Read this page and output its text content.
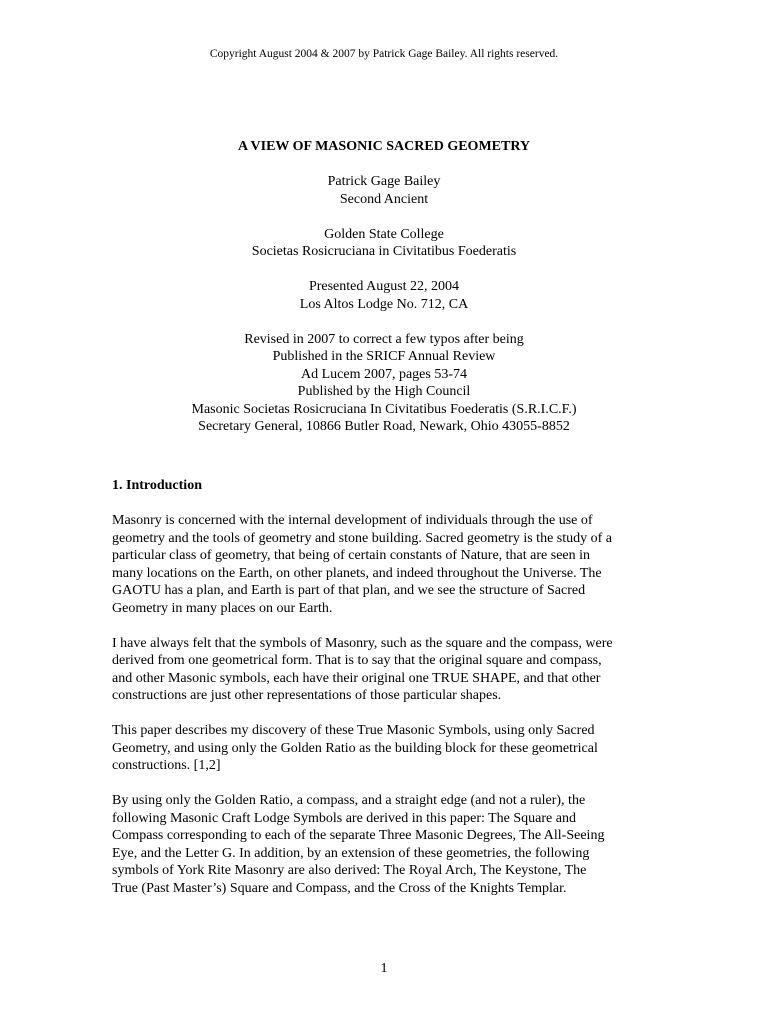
Copyright August 2004 & 2007 by Patrick Gage Bailey. All rights reserved.
A VIEW OF MASONIC SACRED GEOMETRY
Patrick Gage Bailey
Second Ancient
Golden State College
Societas Rosicruciana in Civitatibus Foederatis
Presented August 22, 2004
Los Altos Lodge No. 712, CA
Revised in 2007 to correct a few typos after being
Published in the SRICF Annual Review
Ad Lucem 2007, pages 53-74
Published by the High Council
Masonic Societas Rosicruciana In Civitatibus Foederatis (S.R.I.C.F.)
Secretary General, 10866 Butler Road, Newark, Ohio 43055-8852
1. Introduction
Masonry is concerned with the internal development of individuals through the use of
geometry and the tools of geometry and stone building. Sacred geometry is the study of a
particular class of geometry, that being of certain constants of Nature, that are seen in
many locations on the Earth, on other planets, and indeed throughout the Universe. The
GAOTU has a plan, and Earth is part of that plan, and we see the structure of Sacred
Geometry in many places on our Earth.
I have always felt that the symbols of Masonry, such as the square and the compass, were
derived from one geometrical form. That is to say that the original square and compass,
and other Masonic symbols, each have their original one TRUE SHAPE, and that other
constructions are just other representations of those particular shapes.
This paper describes my discovery of these True Masonic Symbols, using only Sacred
Geometry, and using only the Golden Ratio as the building block for these geometrical
constructions. [1,2]
By using only the Golden Ratio, a compass, and a straight edge (and not a ruler), the
following Masonic Craft Lodge Symbols are derived in this paper: The Square and
Compass corresponding to each of the separate Three Masonic Degrees, The All-Seeing
Eye, and the Letter G. In addition, by an extension of these geometries, the following
symbols of York Rite Masonry are also derived: The Royal Arch, The Keystone, The
True (Past Master’s) Square and Compass, and the Cross of the Knights Templar.
1
